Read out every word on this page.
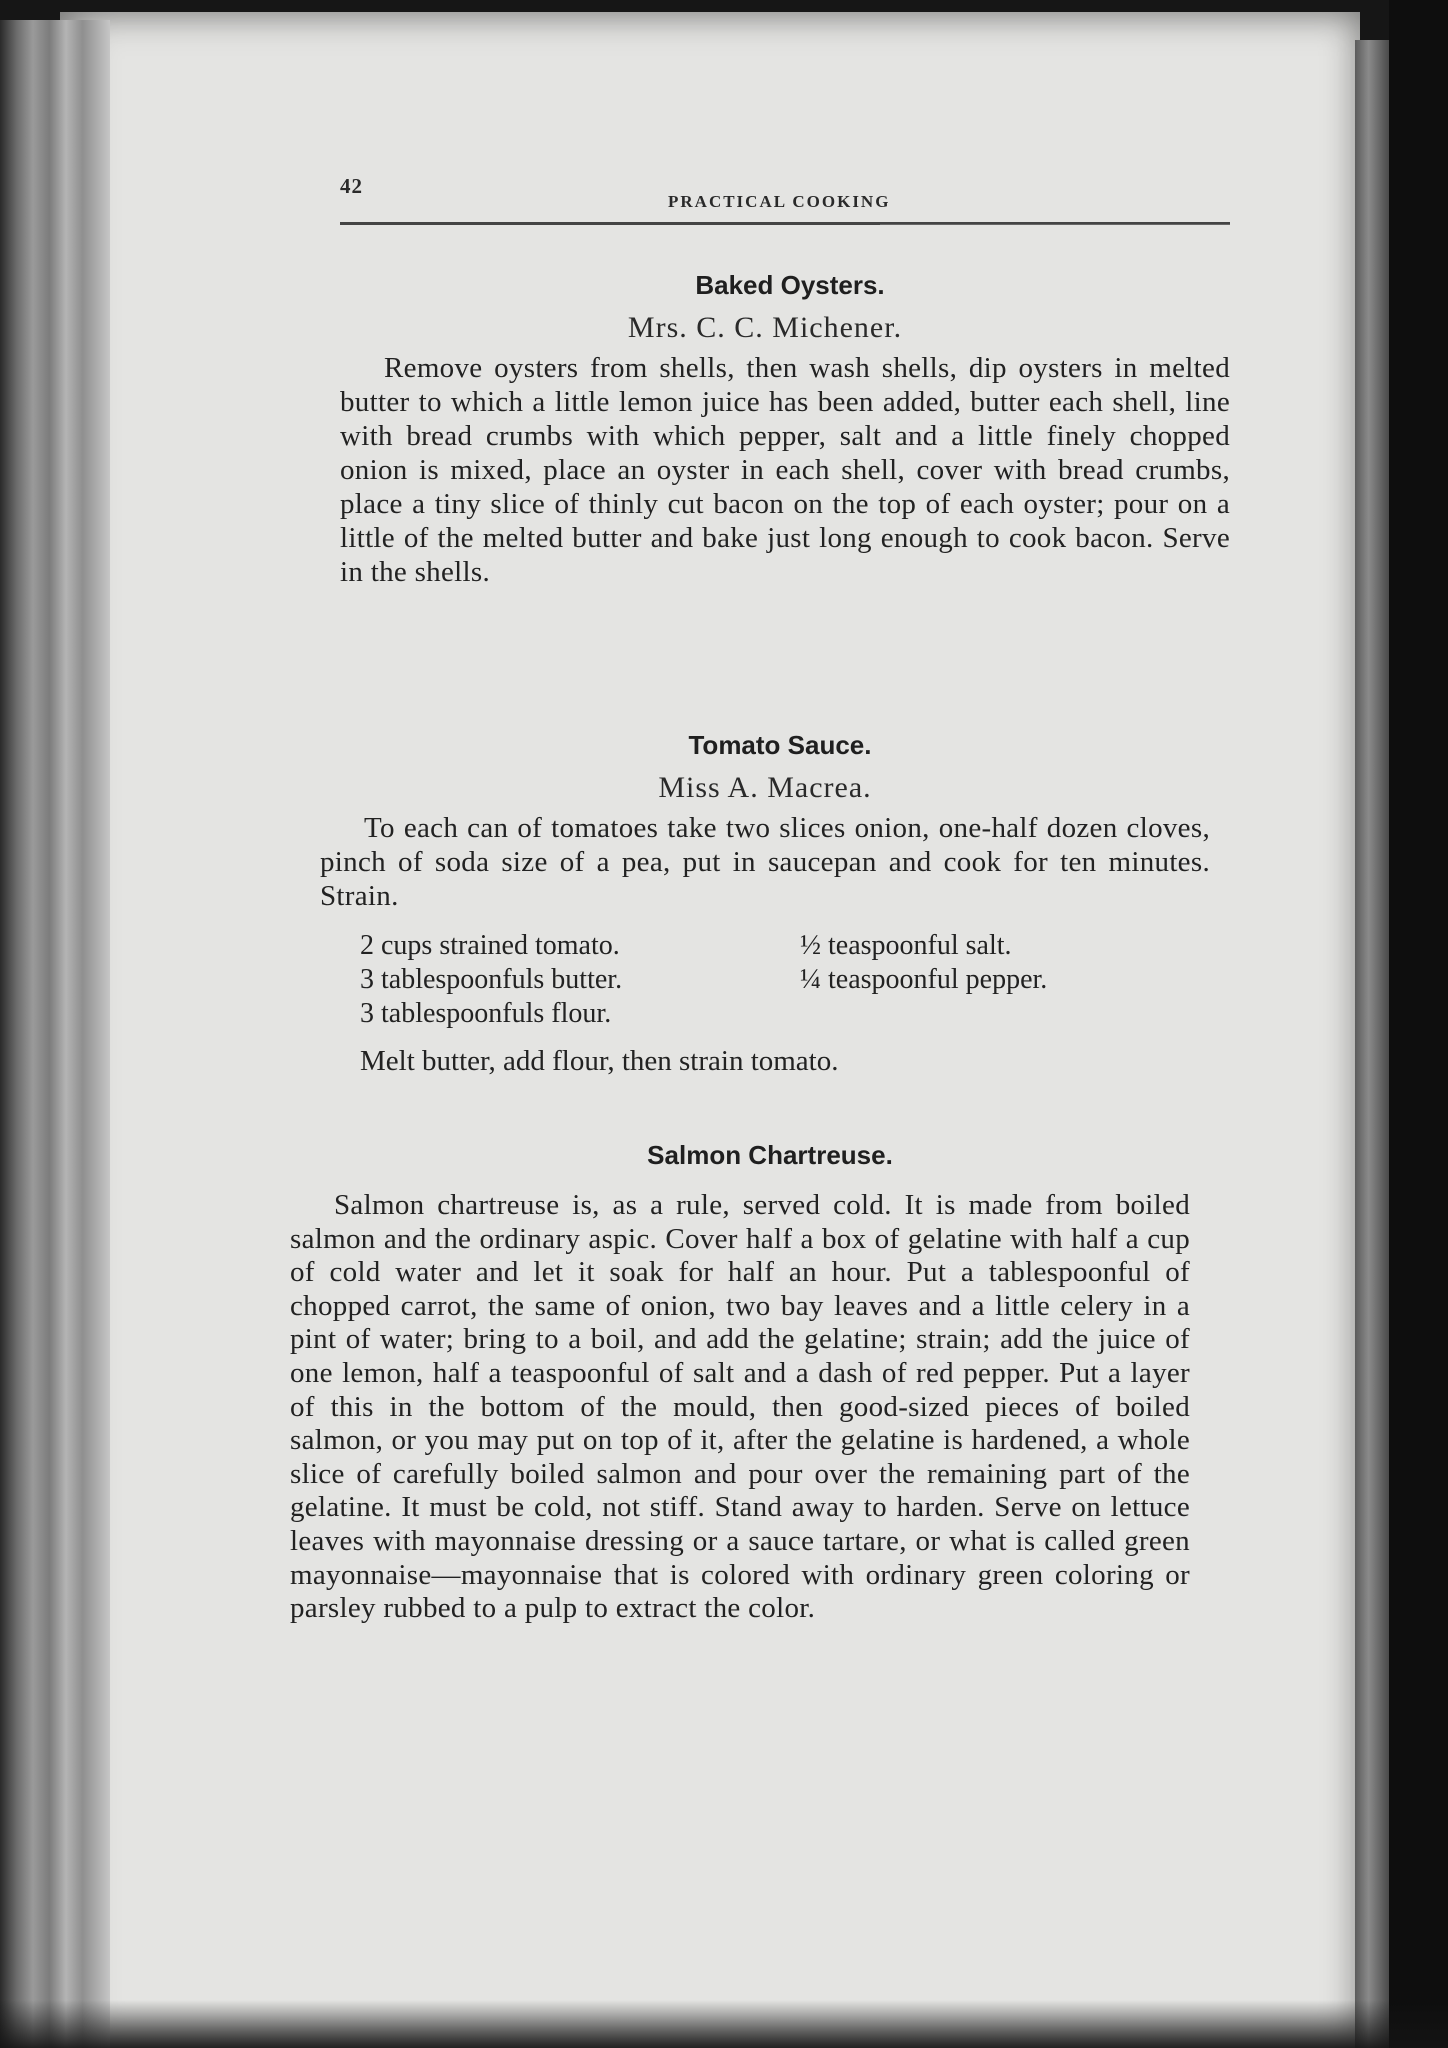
42
PRACTICAL COOKING
Baked Oysters.
Mrs. C. C. Michener.

Remove oysters from shells, then wash shells, dip oysters in melted butter to which a little lemon juice has been added, butter each shell, line with bread crumbs with which pepper, salt and a little finely chopped onion is mixed, place an oyster in each shell, cover with bread crumbs, place a tiny slice of thinly cut bacon on the top of each oyster; pour on a little of the melted butter and bake just long enough to cook bacon. Serve in the shells.

Tomato Sauce.
Miss A. Macrea.

To each can of tomatoes take two slices onion, one-half dozen cloves, pinch of soda size of a pea, put in saucepan and cook for ten minutes. Strain.

2 cups strained tomato.
3 tablespoonfuls butter.
3 tablespoonfuls flour.
½ teaspoonful salt.
¼ teaspoonful pepper.
Melt butter, add flour, then strain tomato.
Salmon Chartreuse.

Salmon chartreuse is, as a rule, served cold. It is made from boiled salmon and the ordinary aspic. Cover half a box of gelatine with half a cup of cold water and let it soak for half an hour. Put a tablespoonful of chopped carrot, the same of onion, two bay leaves and a little celery in a pint of water; bring to a boil, and add the gelatine; strain; add the juice of one lemon, half a teaspoonful of salt and a dash of red pepper. Put a layer of this in the bottom of the mould, then good-sized pieces of boiled salmon, or you may put on top of it, after the gelatine is hardened, a whole slice of carefully boiled salmon and pour over the remaining part of the gelatine. It must be cold, not stiff. Stand away to harden. Serve on lettuce leaves with mayonnaise dressing or a sauce tartare, or what is called green mayonnaise—mayonnaise that is colored with ordinary green coloring or parsley rubbed to a pulp to extract the color.
